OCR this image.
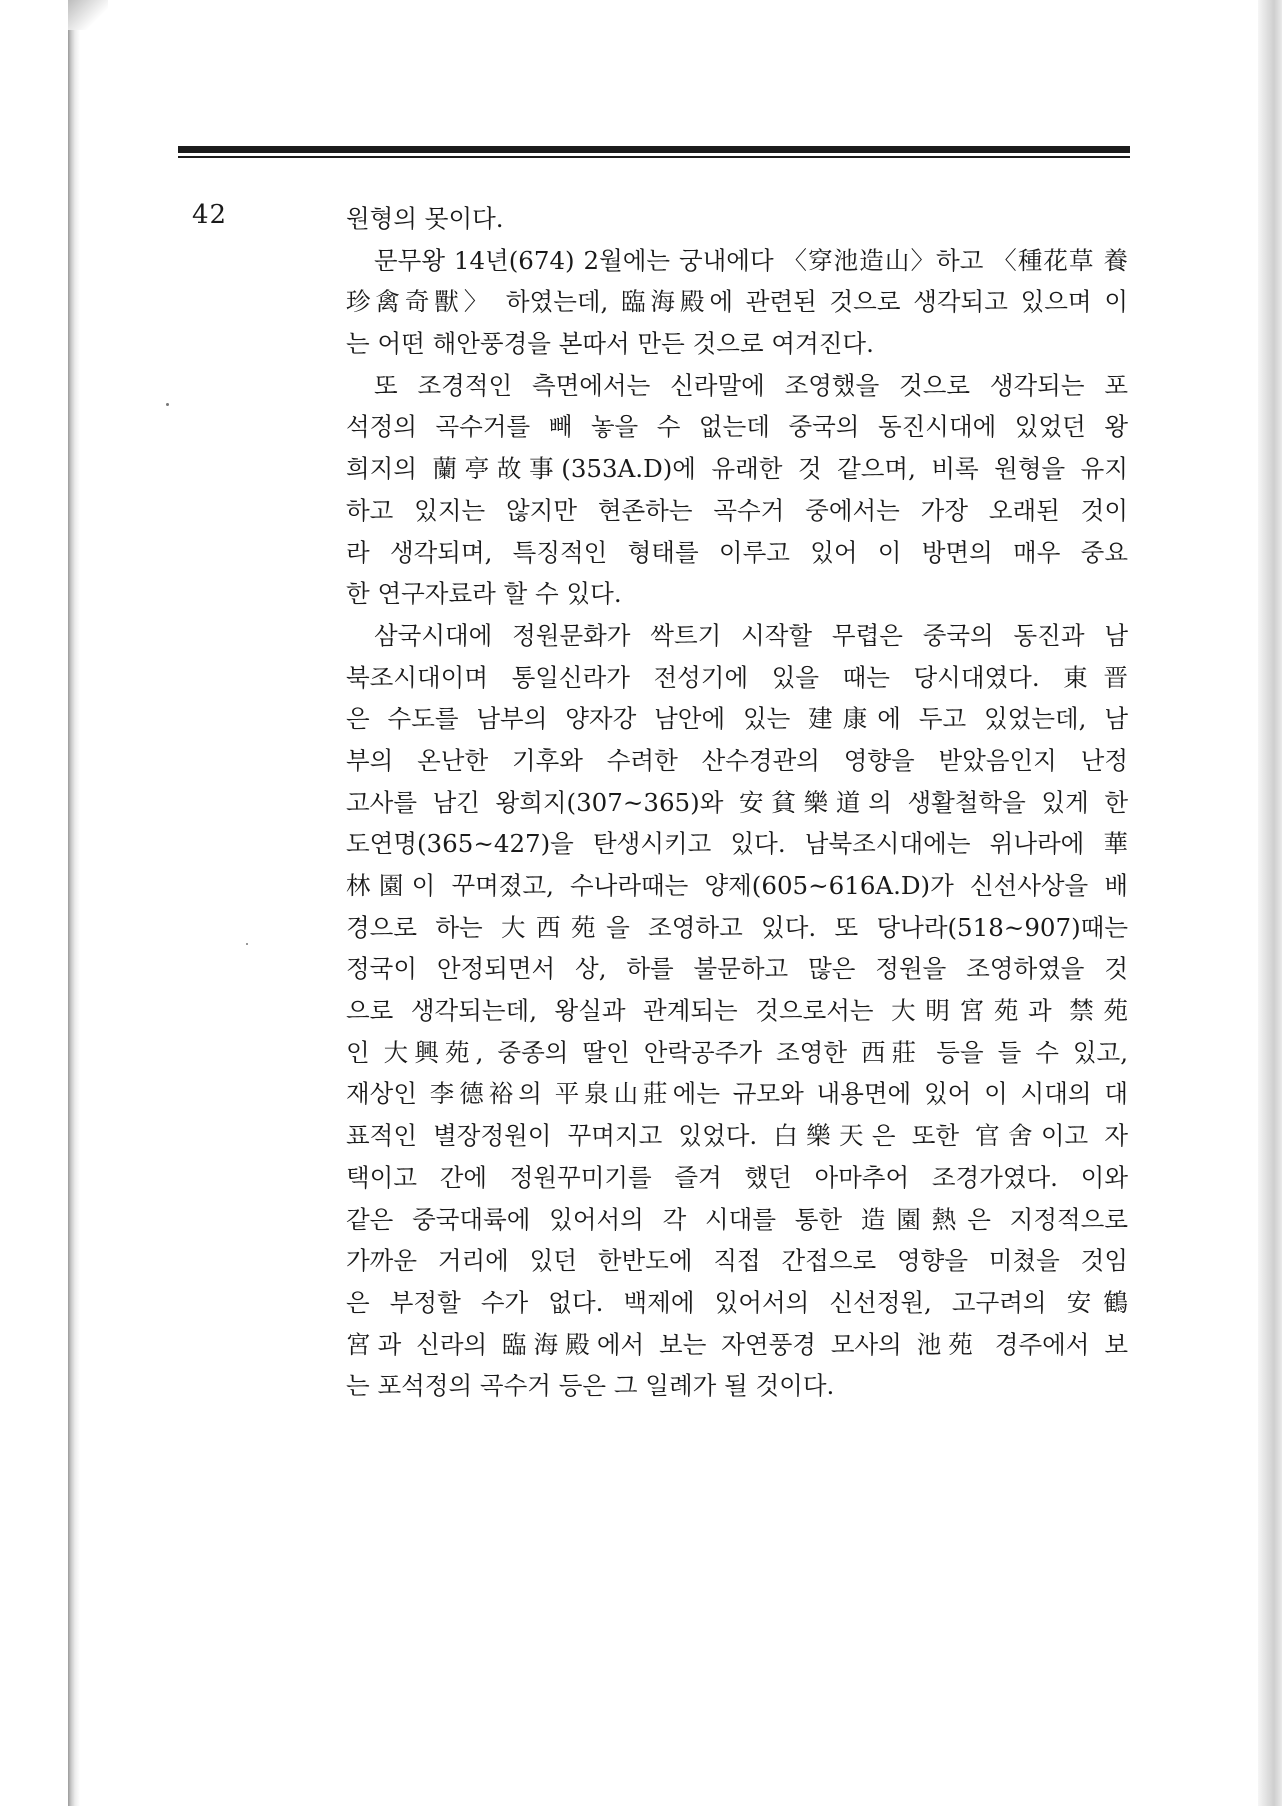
42	원형의 못이다.
문무왕 14년(674) 2월에는 궁내에다 〈穿池造山〉하고 〈種花草 養
珍禽奇獸〉 하였는데, 臨海殿에 관련된 것으로 생각되고 있으며 이
는 어떤 해안풍경을 본따서 만든 것으로 여겨진다.
또 조경적인 측면에서는 신라말에 조영했을 것으로 생각되는 포
석정의 곡수거를 빼 놓을 수 없는데 중국의 동진시대에 있었던 왕
희지의 蘭亭故事(353A.D)에 유래한 것 같으며, 비록 원형을 유지
하고 있지는 않지만 현존하는 곡수거 중에서는 가장 오래된 것이
라 생각되며, 특징적인 형태를 이루고 있어 이 방면의 매우 중요
한 연구자료라 할 수 있다.
삼국시대에 정원문화가 싹트기 시작할 무렵은 중국의 동진과 남
북조시대이며 통일신라가 전성기에 있을 때는 당시대였다. 東晋
은 수도를 남부의 양자강 남안에 있는 建康에 두고 있었는데, 남
부의 온난한 기후와 수려한 산수경관의 영향을 받았음인지 난정
고사를 남긴 왕희지(307~365)와 安貧樂道의 생활철학을 있게 한
도연명(365~427)을 탄생시키고 있다. 남북조시대에는 위나라에 華
林園이 꾸며졌고, 수나라때는 양제(605~616A.D)가 신선사상을 배
경으로 하는 大西苑을 조영하고 있다. 또 당나라(518~907)때는
정국이 안정되면서 상, 하를 불문하고 많은 정원을 조영하였을 것
으로 생각되는데, 왕실과 관계되는 것으로서는 大明宮苑과 禁苑
인 大興苑, 중종의 딸인 안락공주가 조영한 西莊 등을 들 수 있고,
재상인 李德裕의 平泉山莊에는 규모와 내용면에 있어 이 시대의 대
표적인 별장정원이 꾸며지고 있었다. 白樂天은 또한 官舍이고 자
택이고 간에 정원꾸미기를 즐겨 했던 아마추어 조경가였다. 이와
같은 중국대륙에 있어서의 각 시대를 통한 造園熱은 지정적으로
가까운 거리에 있던 한반도에 직접 간접으로 영향을 미쳤을 것임
은 부정할 수가 없다. 백제에 있어서의 신선정원, 고구려의 安鶴
宮과 신라의 臨海殿에서 보는 자연풍경 모사의 池苑 경주에서 보
는 포석정의 곡수거 등은 그 일례가 될 것이다.
